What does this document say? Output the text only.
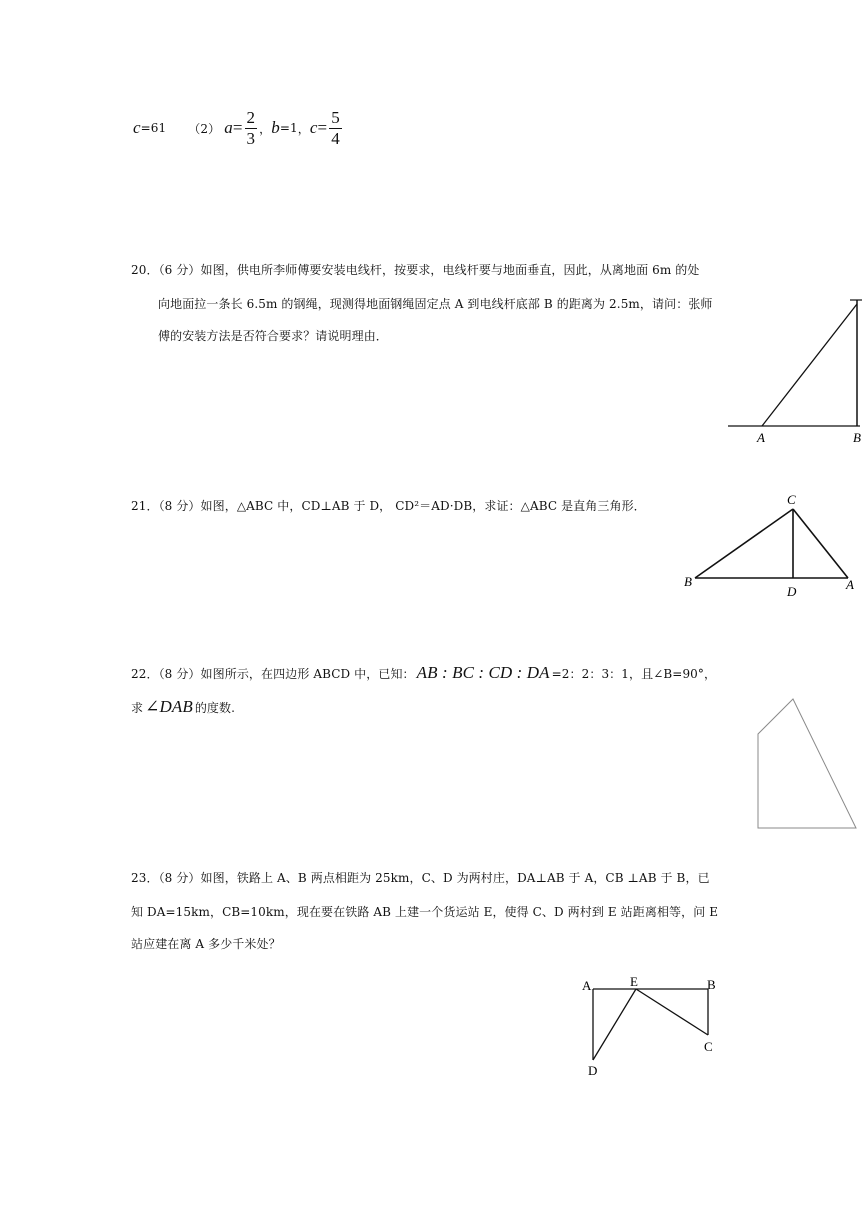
c =61 （2） $a = \frac{2}{3}$ ， b =1 ， $c = \frac{5}{4}$
20．（6 分）如图，供电所李师傅要安装电线杆，按要求，电线杆要与地面垂直，因此，从离地面 6m 的处
向地面拉一条长 6.5m 的钢绳，现测得地面钢绳固定点 A 到电线杆底部 B 的距离为 2.5m，请问：张师
傅的安装方法是否符合要求？请说明理由．
A	B
21．（8 分）如图，△ABC 中，CD⊥AB 于 D， CD²＝AD·DB，求证：△ABC 是直角三角形．	C
B
D	A
22．（8 分）如图所示，在四边形 ABCD 中，已知： AB : BC : CD : DA =2：2：3：1，且∠B=90°，
求 ∠DAB 的度数.
23．（8 分）如图，铁路上 A、B 两点相距为 25km，C、D 为两村庄，DA⊥AB 于 A，CB ⊥AB 于 B，已
知 DA=15km，CB=10km，现在要在铁路 AB 上建一个货运站 E，使得 C、D 两村到 E 站距离相等，问 E
站应建在离 A 多少千米处？
A	E	B
C
D
